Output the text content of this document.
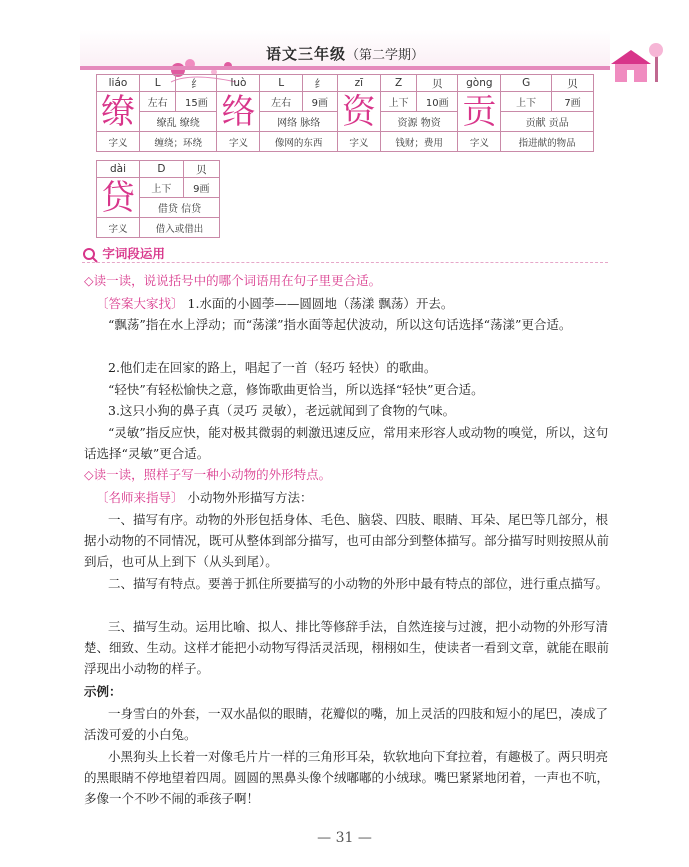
语文三年级（第二学期）
liáo	L	纟	luò	L	纟	zī	Z	贝	gòng	G	贝
缭	左右	15画	络	左右	9画	资	上下	10画	贡	上下	7画
	缭乱 缭绕			网络 脉络			资源 物资			贡献 贡品	
字义	缠绕；环绕		字义	像网的东西		字义	钱财；费用		字义	指进献的物品	
dài	D	贝
贷	上下	9画
	借贷 信贷	
字义	借入或借出	
字词段运用
◇读一读，说说括号中的哪个词语用在句子里更合适。
〔答案大家找〕 1.水面的小圆荸——圆圆地（荡漾 飘荡）开去。
“飘荡”指在水上浮动；而“荡漾”指水面等起伏波动，所以这句话选择“荡漾”更合适。
2.他们走在回家的路上，唱起了一首（轻巧 轻快）的歌曲。
“轻快”有轻松愉快之意，修饰歌曲更恰当，所以选择“轻快”更合适。
3.这只小狗的鼻子真（灵巧 灵敏），老远就闻到了食物的气味。
“灵敏”指反应快，能对极其微弱的刺激迅速反应，常用来形容人或动物的嗅觉，所以，这句话选择“灵敏”更合适。
◇读一读，照样子写一种小动物的外形特点。
〔名师来指导〕 小动物外形描写方法：
一、描写有序。动物的外形包括身体、毛色、脑袋、四肢、眼睛、耳朵、尾巴等几部分，根据小动物的不同情况，既可从整体到部分描写，也可由部分到整体描写。部分描写时则按照从前到后，也可从上到下（从头到尾）。
二、描写有特点。要善于抓住所要描写的小动物的外形中最有特点的部位，进行重点描写。
三、描写生动。运用比喻、拟人、排比等修辞手法，自然连接与过渡，把小动物的外形写清楚、细致、生动。这样才能把小动物写得活灵活现，栩栩如生，使读者一看到文章，就能在眼前浮现出小动物的样子。
示例：
一身雪白的外套，一双水晶似的眼睛，花瓣似的嘴，加上灵活的四肢和短小的尾巴，凑成了活泼可爱的小白兔。
小黑狗头上长着一对像毛片片一样的三角形耳朵，软软地向下耷拉着，有趣极了。两只明亮的黑眼睛不停地望着四周。圆圆的黑鼻头像个绒嘟嘟的小绒球。嘴巴紧紧地闭着，一声也不吭，多像一个不吵不闹的乖孩子啊！
— 31 —
